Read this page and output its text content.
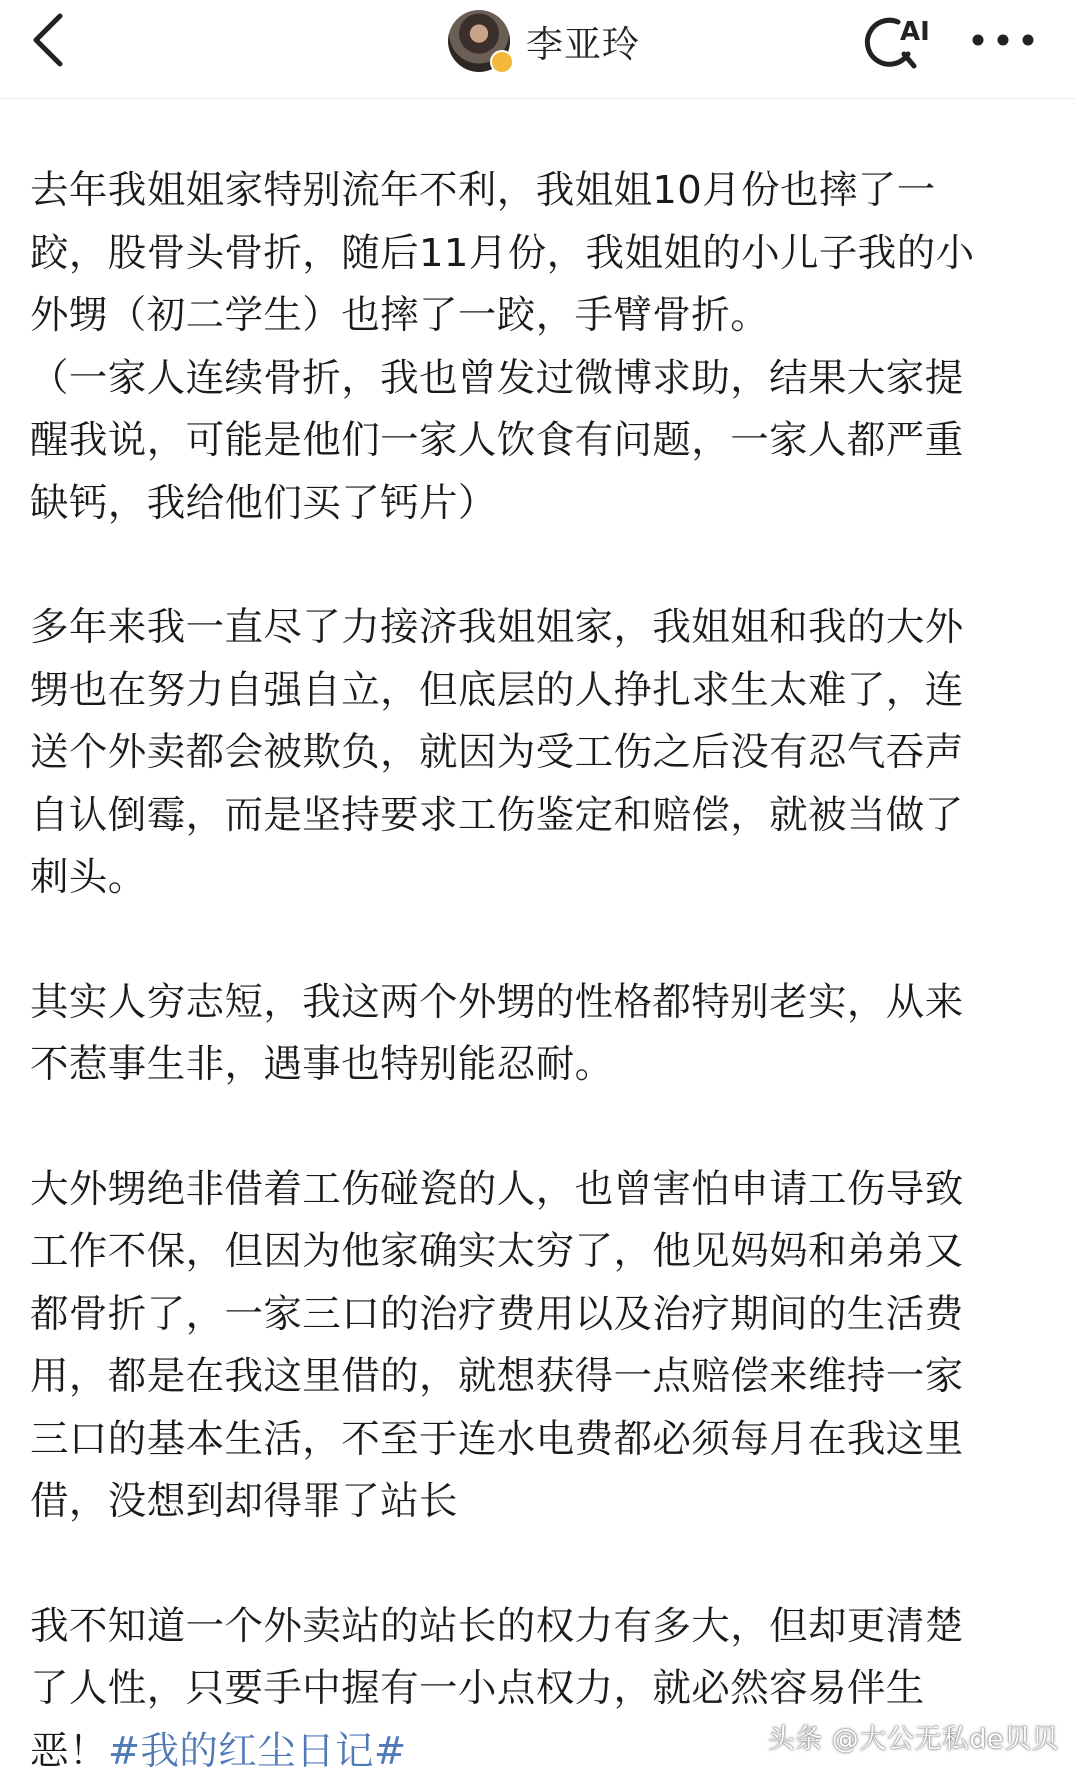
李亚玲	AI

去年我姐姐家特别流年不利，我姐姐10月份也摔了一
跤，股骨头骨折，随后11月份，我姐姐的小儿子我的小
外甥（初二学生）也摔了一跤，手臂骨折。
（一家人连续骨折，我也曾发过微博求助，结果大家提
醒我说，可能是他们一家人饮食有问题，一家人都严重
缺钙，我给他们买了钙片）

多年来我一直尽了力接济我姐姐家，我姐姐和我的大外
甥也在努力自强自立，但底层的人挣扎求生太难了，连
送个外卖都会被欺负，就因为受工伤之后没有忍气吞声
自认倒霉，而是坚持要求工伤鉴定和赔偿，就被当做了
刺头。

其实人穷志短，我这两个外甥的性格都特别老实，从来
不惹事生非，遇事也特别能忍耐。

大外甥绝非借着工伤碰瓷的人，也曾害怕申请工伤导致
工作不保，但因为他家确实太穷了，他见妈妈和弟弟又
都骨折了，一家三口的治疗费用以及治疗期间的生活费
用，都是在我这里借的，就想获得一点赔偿来维持一家
三口的基本生活，不至于连水电费都必须每月在我这里
借，没想到却得罪了站长

我不知道一个外卖站的站长的权力有多大，但却更清楚
了人性，只要手中握有一小点权力，就必然容易伴生
恶！#我的红尘日记#	头条 @大公无私de贝贝
